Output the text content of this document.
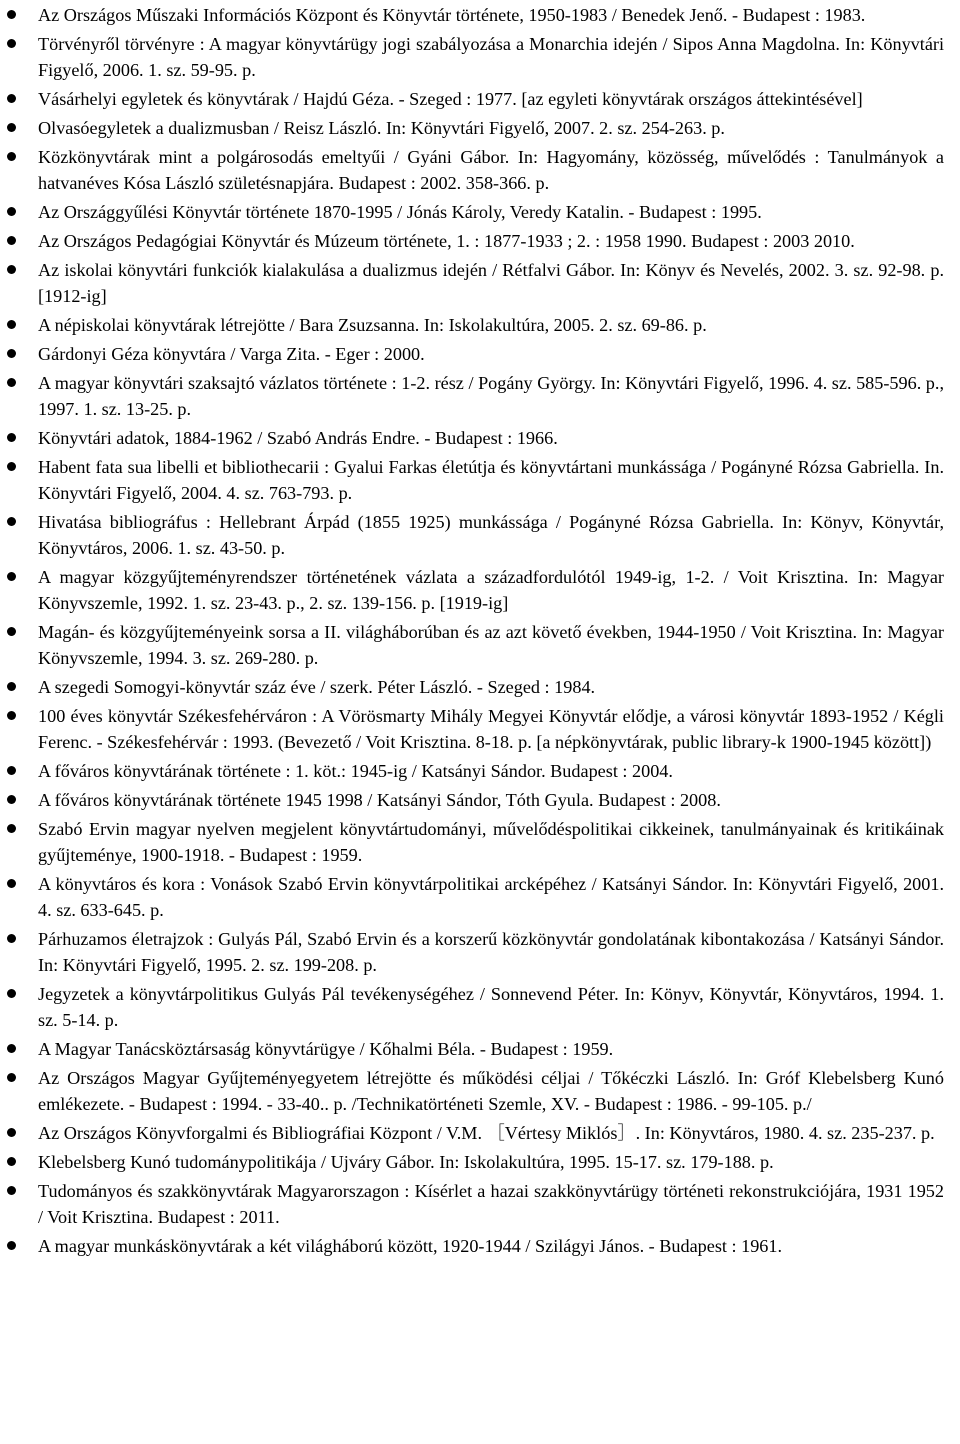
Az Országos Műszaki Információs Központ és Könyvtár története, 1950-1983 / Benedek Jenő. - Budapest : 1983.
Törvényről törvényre : A magyar könyvtárügy jogi szabályozása a Monarchia idején / Sipos Anna Magdolna. In: Könyvtári Figyelő, 2006. 1. sz. 59-95. p.
Vásárhelyi egyletek és könyvtárak / Hajdú Géza. - Szeged : 1977. [az egyleti könyvtárak országos áttekintésével]
Olvasóegyletek a dualizmusban / Reisz László. In: Könyvtári Figyelő, 2007. 2. sz. 254-263. p.
Közkönyvtárak mint a polgárosodás emeltyűi / Gyáni Gábor. In: Hagyomány, közösség, művelődés : Tanulmányok a hatvanéves Kósa László születésnapjára. Budapest : 2002. 358-366. p.
Az Országgyűlési Könyvtár története 1870-1995 / Jónás Károly, Veredy Katalin. - Budapest : 1995.
Az Országos Pedagógiai Könyvtár és Múzeum története, 1. : 1877-1933 ; 2. : 1958 1990. Budapest : 2003 2010.
Az iskolai könyvtári funkciók kialakulása a dualizmus idején / Rétfalvi Gábor. In: Könyv és Nevelés, 2002. 3. sz. 92-98. p. [1912-ig]
A népiskolai könyvtárak létrejötte / Bara Zsuzsanna. In: Iskolakultúra, 2005. 2. sz. 69-86. p.
Gárdonyi Géza könyvtára / Varga Zita. - Eger : 2000.
A magyar könyvtári szaksajtó vázlatos története : 1-2. rész / Pogány György. In: Könyvtári Figyelő, 1996. 4. sz. 585-596. p., 1997. 1. sz. 13-25. p.
Könyvtári adatok, 1884-1962 / Szabó András Endre. - Budapest : 1966.
Habent fata sua libelli et bibliothecarii : Gyalui Farkas életútja és könyvtártani munkássága / Pogányné Rózsa Gabriella. In. Könyvtári Figyelő, 2004. 4. sz. 763-793. p.
Hivatása bibliográfus : Hellebrant Árpád (1855 1925) munkássága / Pogányné Rózsa Gabriella. In: Könyv, Könyvtár, Könyvtáros, 2006. 1. sz. 43-50. p.
A magyar közgyűjteményrendszer történetének vázlata a századfordulótól 1949-ig, 1-2. / Voit Krisztina. In: Magyar Könyvszemle, 1992. 1. sz. 23-43. p., 2. sz. 139-156. p. [1919-ig]
Magán- és közgyűjteményeink sorsa a II. világháborúban és az azt követő években, 1944-1950 / Voit Krisztina. In: Magyar Könyvszemle, 1994. 3. sz. 269-280. p.
A szegedi Somogyi-könyvtár száz éve / szerk. Péter László. - Szeged : 1984.
100 éves könyvtár Székesfehérváron : A Vörösmarty Mihály Megyei Könyvtár elődje, a városi könyvtár 1893-1952 / Kégli Ferenc. - Székesfehérvár : 1993. (Bevezető / Voit Krisztina. 8-18. p. [a népkönyvtárak, public library-k 1900-1945 között])
A főváros könyvtárának története : 1. köt.: 1945-ig / Katsányi Sándor. Budapest : 2004.
A főváros könyvtárának története 1945 1998 / Katsányi Sándor, Tóth Gyula. Budapest : 2008.
Szabó Ervin magyar nyelven megjelent könyvtártudományi, művelődéspolitikai cikkeinek, tanulmányainak és kritikáinak gyűjteménye, 1900-1918. - Budapest : 1959.
A könyvtáros és kora : Vonások Szabó Ervin könyvtárpolitikai arcképéhez / Katsányi Sándor. In: Könyvtári Figyelő, 2001. 4. sz. 633-645. p.
Párhuzamos életrajzok : Gulyás Pál, Szabó Ervin és a korszerű közkönyvtár gondolatának kibontakozása / Katsányi Sándor. In: Könyvtári Figyelő, 1995. 2. sz. 199-208. p.
Jegyzetek a könyvtárpolitikus Gulyás Pál tevékenységéhez / Sonnevend Péter. In: Könyv, Könyvtár, Könyvtáros, 1994. 1. sz. 5-14. p.
A Magyar Tanácsköztársaság könyvtárügye / Kőhalmi Béla. - Budapest : 1959.
Az Országos Magyar Gyűjteményegyetem létrejötte és működési céljai / Tőkéczki László. In: Gróf Klebelsberg Kunó emlékezete. - Budapest : 1994. - 33-40.. p. /Technikatörténeti Szemle, XV. - Budapest : 1986. - 99-105. p./
Az Országos Könyvforgalmi és Bibliográfiai Központ / V.M. ［Vértesy Miklós］. In: Könyvtáros, 1980. 4. sz. 235-237. p.
Klebelsberg Kunó tudománypolitikája / Ujváry Gábor. In: Iskolakultúra, 1995. 15-17. sz. 179-188. p.
Tudományos és szakkönyvtárak Magyarorszagon : Kísérlet a hazai szakkönyvtárügy történeti rekonstrukciójára, 1931 1952 / Voit Krisztina. Budapest : 2011.
A magyar munkáskönyvtárak a két világháború között, 1920-1944 / Szilágyi János. - Budapest : 1961.
